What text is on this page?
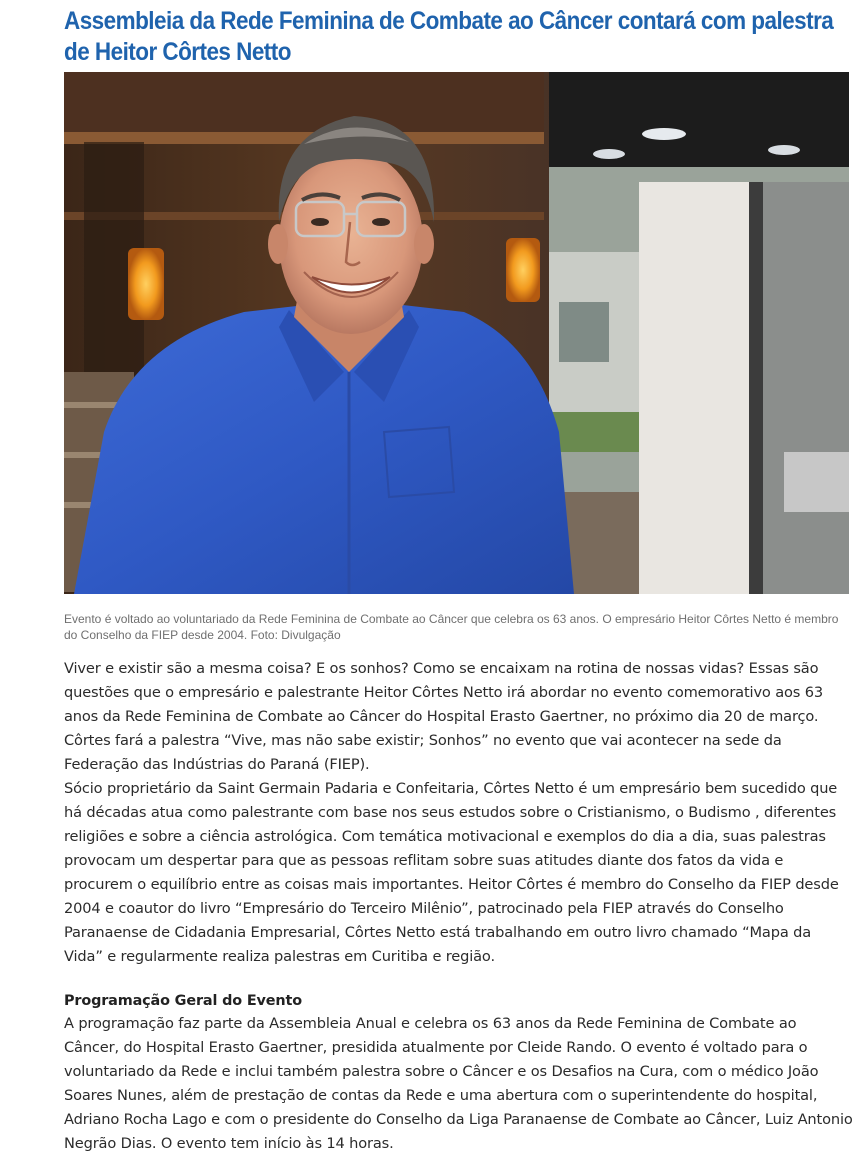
Assembleia da Rede Feminina de Combate ao Câncer contará com palestra de Heitor Côrtes Netto

Evento é voltado ao voluntariado da Rede Feminina de Combate ao Câncer que celebra os 63 anos. O empresário Heitor Côrtes Netto é membro do Conselho da FIEP desde 2004. Foto: Divulgação

Viver e existir são a mesma coisa? E os sonhos? Como se encaixam na rotina de nossas vidas? Essas são questões que o empresário e palestrante Heitor Côrtes Netto irá abordar no evento comemorativo aos 63 anos da Rede Feminina de Combate ao Câncer do Hospital Erasto Gaertner, no próximo dia 20 de março. Côrtes fará a palestra “Vive, mas não sabe existir; Sonhos” no evento que vai acontecer na sede da Federação das Indústrias do Paraná (FIEP).

Sócio proprietário da Saint Germain Padaria e Confeitaria, Côrtes Netto é um empresário bem sucedido que há décadas atua como palestrante com base nos seus estudos sobre o Cristianismo, o Budismo , diferentes religiões e sobre a ciência astrológica. Com temática motivacional e exemplos do dia a dia, suas palestras provocam um despertar para que as pessoas reflitam sobre suas atitudes diante dos fatos da vida e procurem o equilíbrio entre as coisas mais importantes. Heitor Côrtes é membro do Conselho da FIEP desde 2004 e coautor do livro “Empresário do Terceiro Milênio”, patrocinado pela FIEP através do Conselho Paranaense de Cidadania Empresarial, Côrtes Netto está trabalhando em outro livro chamado “Mapa da Vida” e regularmente realiza palestras em Curitiba e região.

Programação Geral do Evento

A programação faz parte da Assembleia Anual e celebra os 63 anos da Rede Feminina de Combate ao Câncer, do Hospital Erasto Gaertner, presidida atualmente por Cleide Rando. O evento é voltado para o voluntariado da Rede e inclui também palestra sobre o Câncer e os Desafios na Cura, com o médico João Soares Nunes, além de prestação de contas da Rede e uma abertura com o superintendente do hospital, Adriano Rocha Lago e com o presidente do Conselho da Liga Paranaense de Combate ao Câncer, Luiz Antonio Negrão Dias. O evento tem início às 14 horas.
